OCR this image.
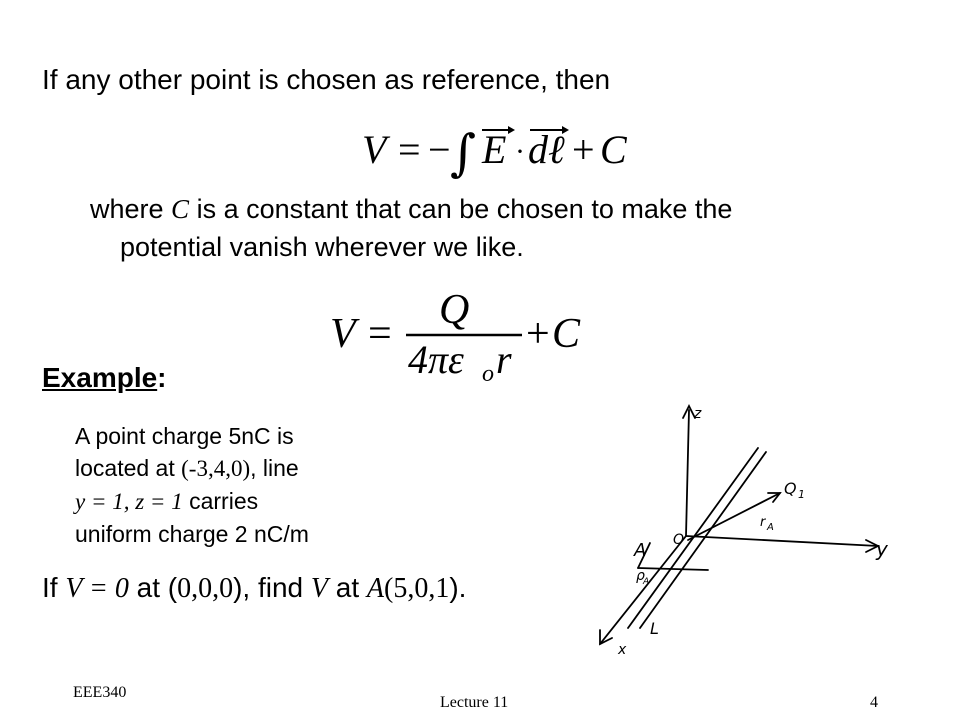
If any other point is chosen as reference, then
V = − ∫ E · dℓ + C
where C is a constant that can be chosen to make the
potential vanish wherever we like.
V =
Q
4πε o r
+ C
Example:
A point charge 5nC is
located at (-3,4,0), line
y = 1, z = 1 carries
uniform charge 2 nC/m
If V = 0 at (0,0,0), find V at A(5,0,1).
z
y
x
O
Q 1
r A
A
ρ
A
L
EEE340
Lecture 11	4
